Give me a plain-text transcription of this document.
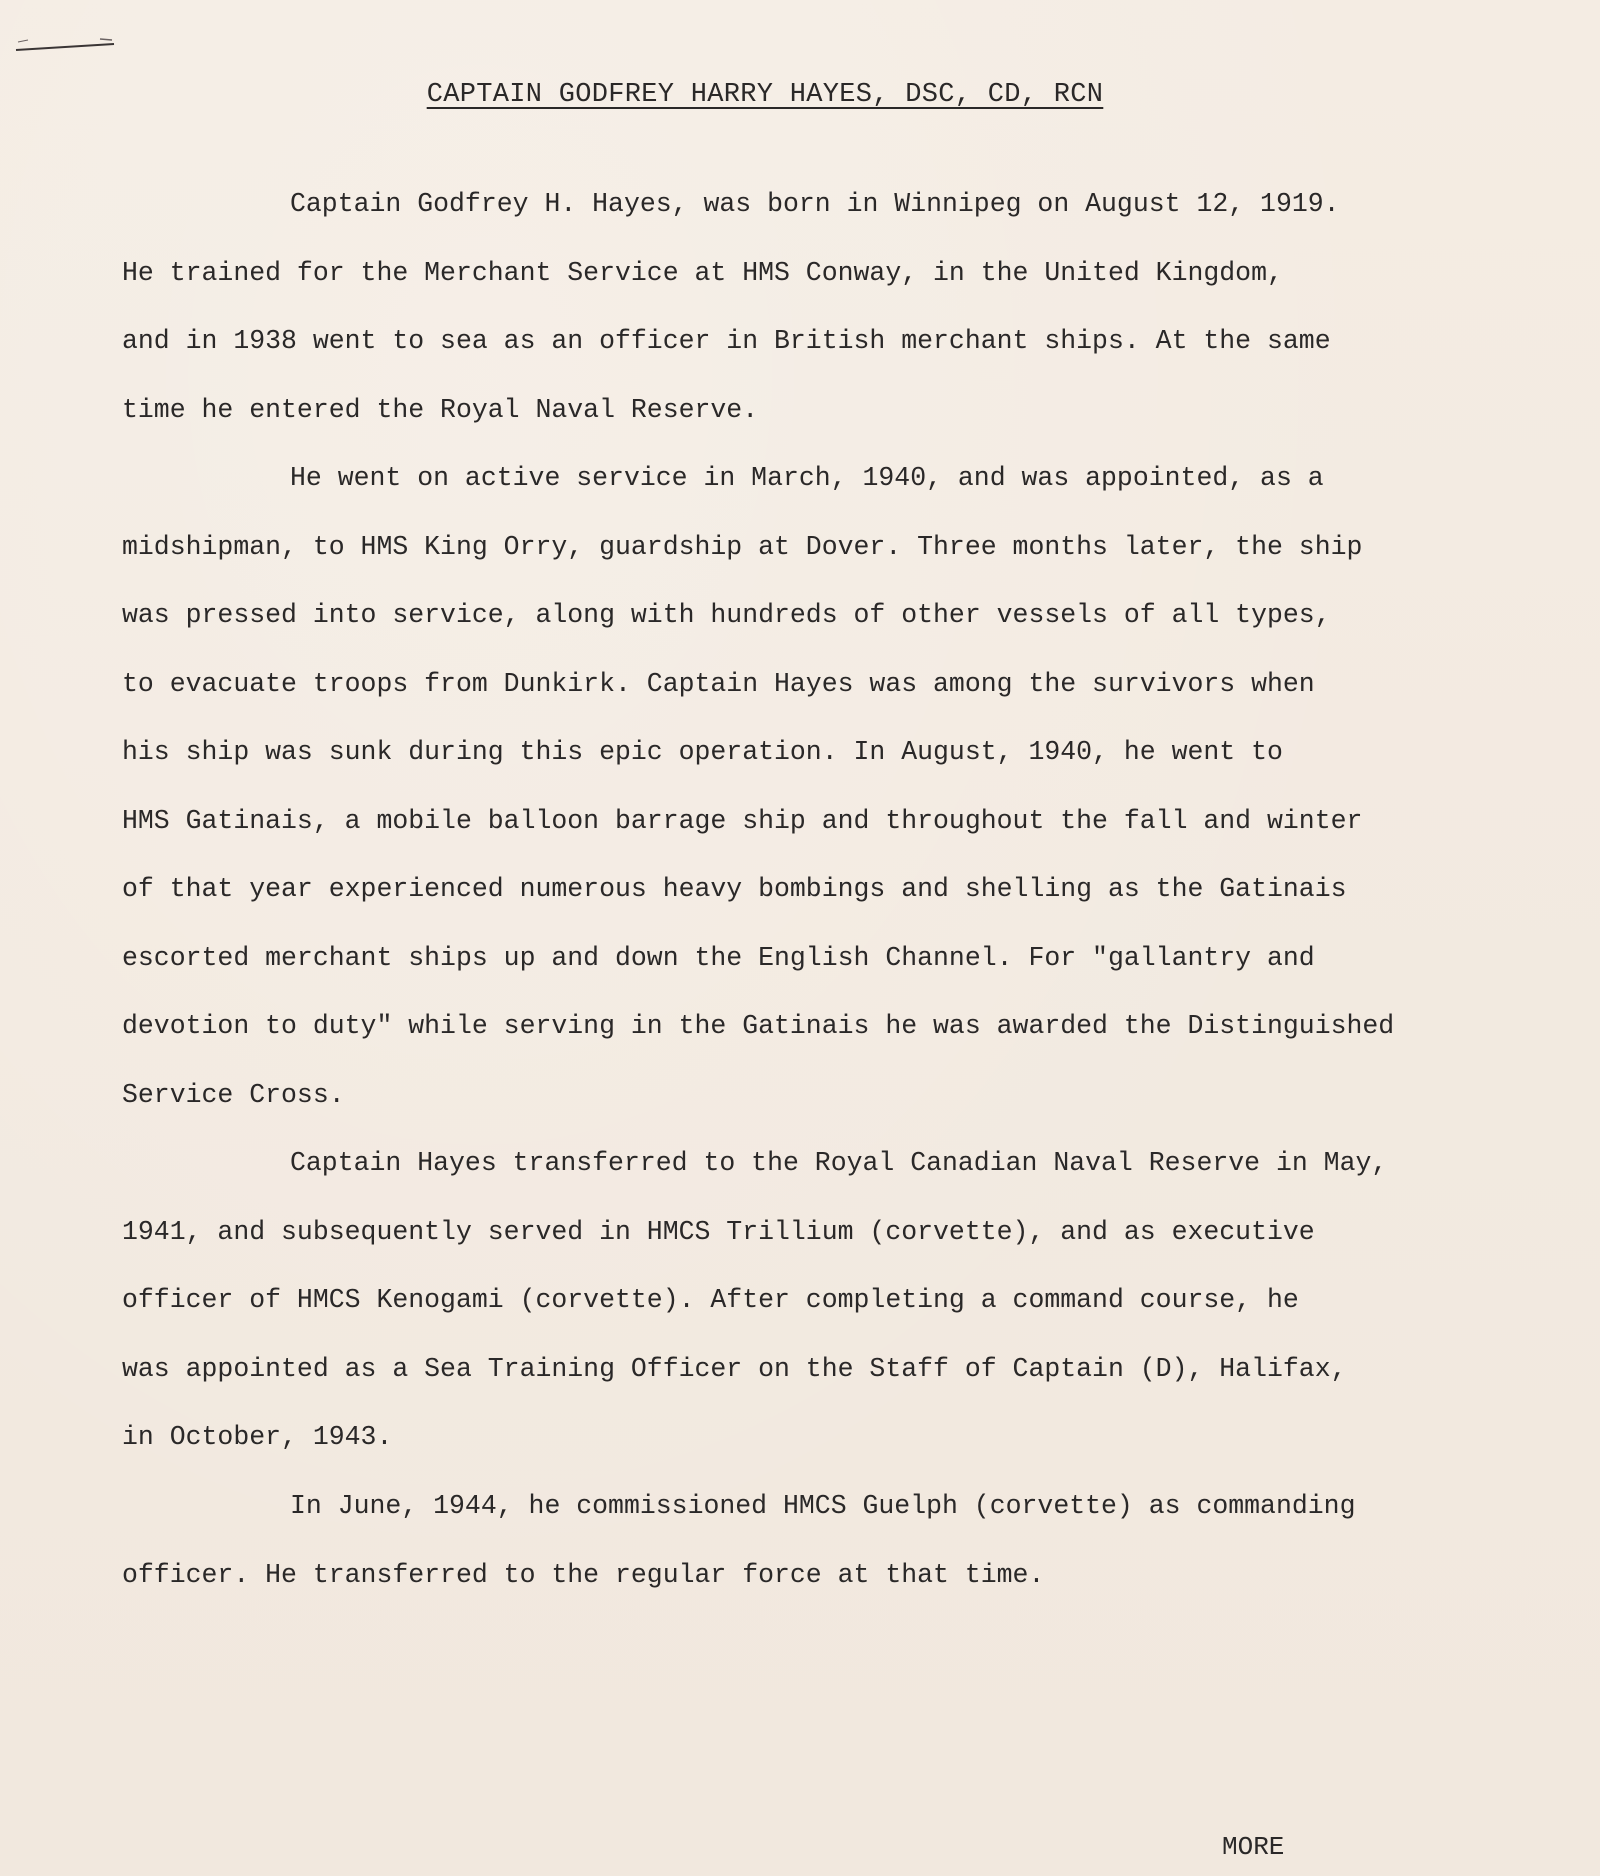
CAPTAIN GODFREY HARRY HAYES, DSC, CD, RCN
Captain Godfrey H. Hayes, was born in Winnipeg on August 12, 1919.
He trained for the Merchant Service at HMS Conway, in the United Kingdom,
and in 1938 went to sea as an officer in British merchant ships. At the same
time he entered the Royal Naval Reserve.
He went on active service in March, 1940, and was appointed, as a
midshipman, to HMS King Orry, guardship at Dover. Three months later, the ship
was pressed into service, along with hundreds of other vessels of all types,
to evacuate troops from Dunkirk. Captain Hayes was among the survivors when
his ship was sunk during this epic operation. In August, 1940, he went to
HMS Gatinais, a mobile balloon barrage ship and throughout the fall and winter
of that year experienced numerous heavy bombings and shelling as the Gatinais
escorted merchant ships up and down the English Channel. For "gallantry and
devotion to duty" while serving in the Gatinais he was awarded the Distinguished
Service Cross.
Captain Hayes transferred to the Royal Canadian Naval Reserve in May,
1941, and subsequently served in HMCS Trillium (corvette), and as executive
officer of HMCS Kenogami (corvette). After completing a command course, he
was appointed as a Sea Training Officer on the Staff of Captain (D), Halifax,
in October, 1943.
In June, 1944, he commissioned HMCS Guelph (corvette) as commanding
officer. He transferred to the regular force at that time.
MORE
